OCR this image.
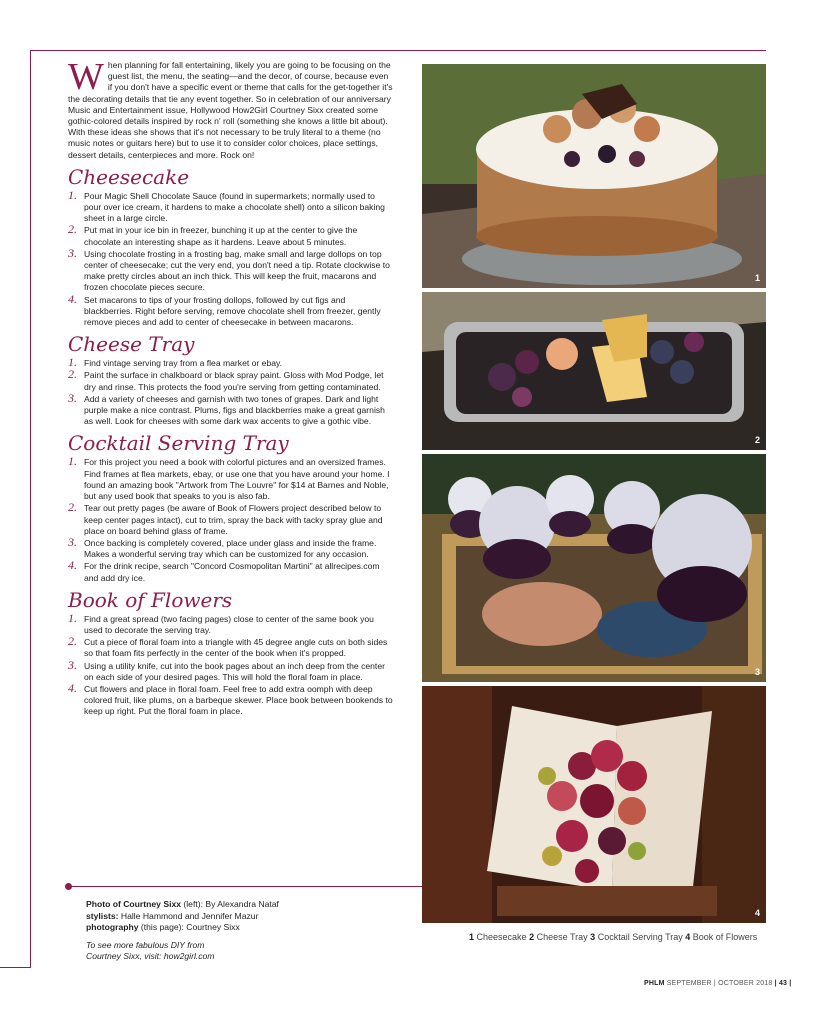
When planning for fall entertaining, likely you are going to be focusing on the guest list, the menu, the seating—and the decor, of course, because even if you don't have a specific event or theme that calls for the get-together it's the decorating details that tie any event together. So in celebration of our anniversary Music and Entertainment issue, Hollywood How2Girl Courtney Sixx created some gothic-colored details inspired by rock n' roll (something she knows a little bit about). With these ideas she shows that it's not necessary to be truly literal to a theme (no music notes or guitars here) but to use it to consider color choices, place settings, dessert details, centerpieces and more. Rock on!

Cheesecake
1. Pour Magic Shell Chocolate Sauce (found in supermarkets; normally used to pour over ice cream, it hardens to make a chocolate shell) onto a silicon baking sheet in a large circle.
2. Put mat in your ice bin in freezer, bunching it up at the center to give the chocolate an interesting shape as it hardens. Leave about 5 minutes.
3. Using chocolate frosting in a frosting bag, make small and large dollops on top center of cheesecake; cut the very end, you don't need a tip. Rotate clockwise to make pretty circles about an inch thick. This will keep the fruit, macarons and frozen chocolate pieces secure.
4. Set macarons to tips of your frosting dollops, followed by cut figs and blackberries. Right before serving, remove chocolate shell from freezer, gently remove pieces and add to center of cheesecake in between macarons.
Cheese Tray
1. Find vintage serving tray from a flea market or ebay.
2. Paint the surface in chalkboard or black spray paint. Gloss with Mod Podge, let dry and rinse. This protects the food you're serving from getting contaminated.
3. Add a variety of cheeses and garnish with two tones of grapes. Dark and light purple make a nice contrast. Plums, figs and blackberries make a great garnish as well. Look for cheeses with some dark wax accents to give a gothic vibe.
Cocktail Serving Tray
1. For this project you need a book with colorful pictures and an oversized frames. Find frames at flea markets, ebay, or use one that you have around your home. I found an amazing book "Artwork from The Louvre" for $14 at Barnes and Noble, but any used book that speaks to you is also fab.
2. Tear out pretty pages (be aware of Book of Flowers project described below to keep center pages intact), cut to trim, spray the back with tacky spray glue and place on board behind glass of frame.
3. Once backing is completely covered, place under glass and inside the frame. Makes a wonderful serving tray which can be customized for any occasion.
4. For the drink recipe, search "Concord Cosmopolitan Martini" at allrecipes.com and add dry ice.
Book of Flowers
1. Find a great spread (two facing pages) close to center of the same book you used to decorate the serving tray.
2. Cut a piece of floral foam into a triangle with 45 degree angle cuts on both sides so that foam fits perfectly in the center of the book when it's propped.
3. Using a utility knife, cut into the book pages about an inch deep from the center on each side of your desired pages. This will hold the floral foam in place.
4. Cut flowers and place in floral foam. Feel free to add extra oomph with deep colored fruit, like plums, on a barbeque skewer. Place book between bookends to keep up right. Put the floral foam in place.
Photo of Courtney Sixx (left): By Alexandra Nataf
stylists: Halle Hammond and Jennifer Mazur
photography (this page): Courtney Sixx
To see more fabulous DIY from
Courtney Sixx, visit: how2girl.com
1
2
3
4
1 Cheesecake 2 Cheese Tray 3 Cocktail Serving Tray 4 Book of Flowers
PHLM SEPTEMBER | OCTOBER 2018 | 43 |
